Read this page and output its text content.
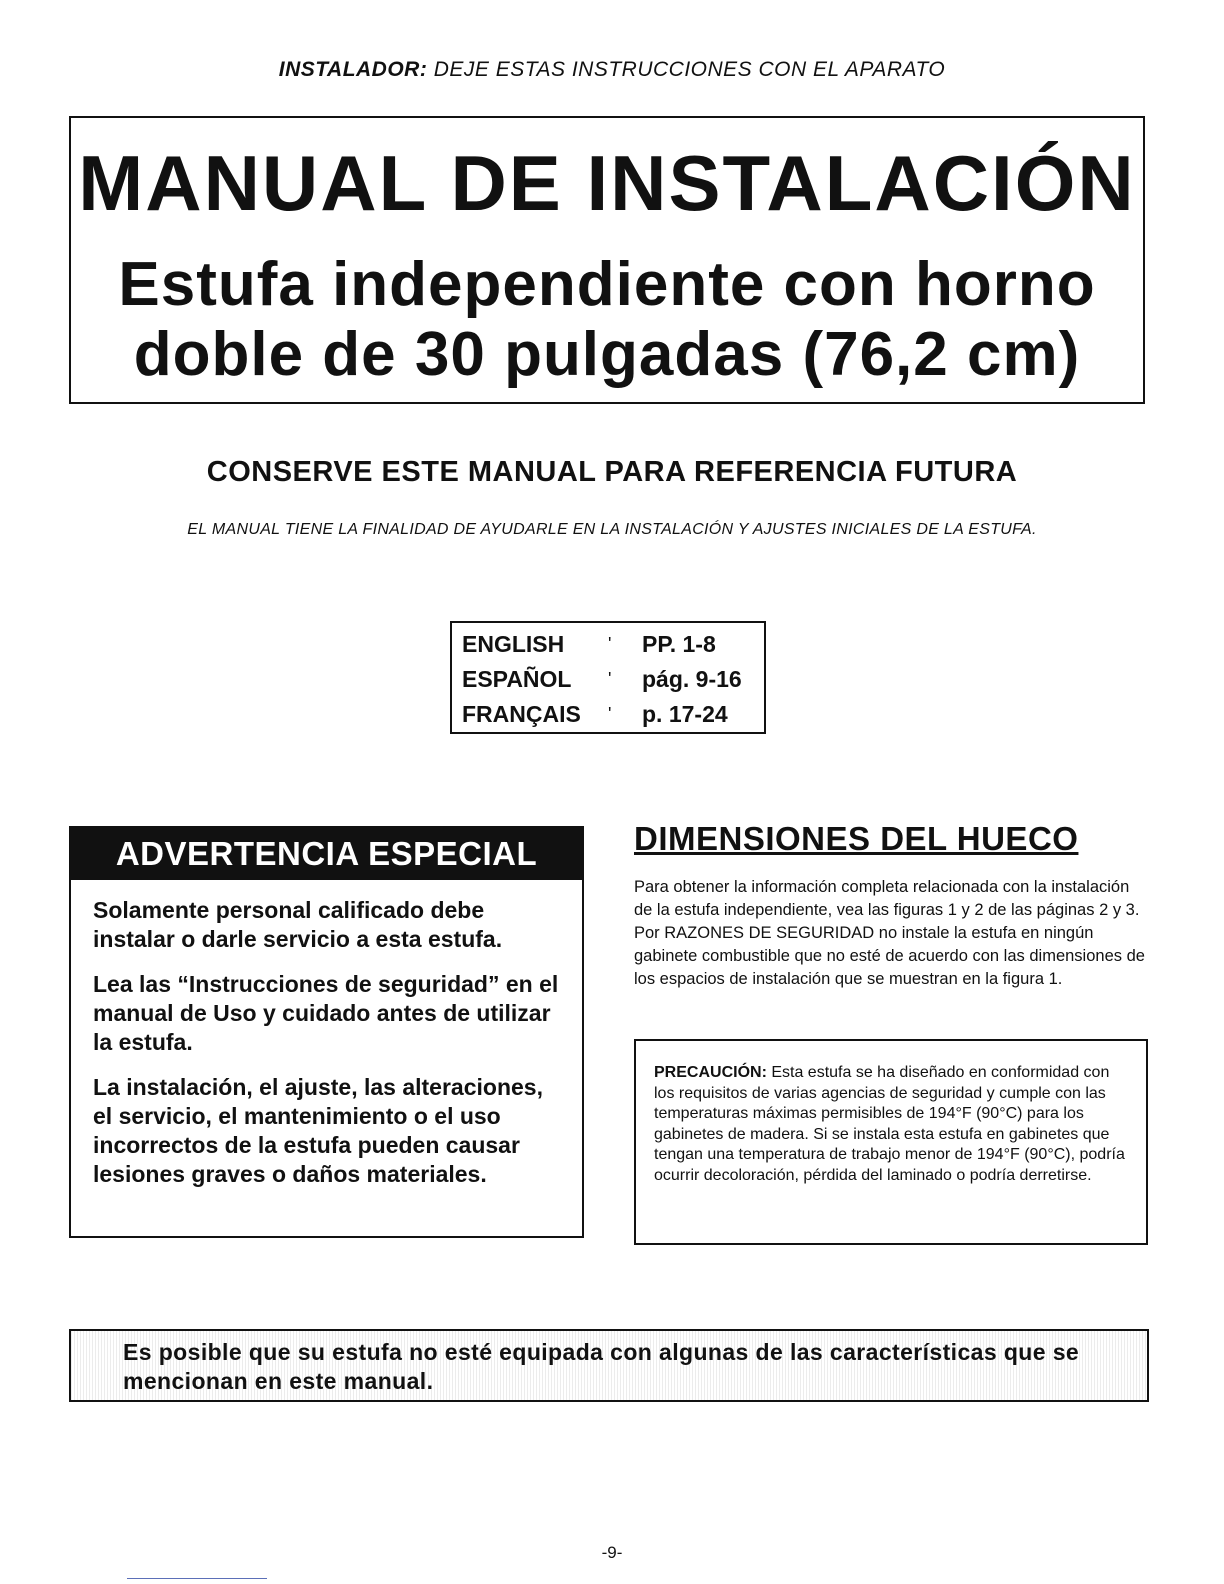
INSTALADOR: DEJE ESTAS INSTRUCCIONES CON EL APARATO
MANUAL DE INSTALACIÓN
Estufa independiente con horno
doble de 30 pulgadas (76,2 cm)
CONSERVE ESTE MANUAL PARA REFERENCIA FUTURA
EL MANUAL TIENE LA FINALIDAD DE AYUDARLE EN LA INSTALACIÓN Y AJUSTES INICIALES DE LA ESTUFA.
ENGLISH	'	PP. 1-8
ESPAÑOL	'	pág. 9-16
FRANÇAIS	'	p. 17-24
ADVERTENCIA ESPECIAL

Solamente personal calificado debe instalar o darle servicio a esta estufa.

Lea las “Instrucciones de seguridad” en el manual de Uso y cuidado antes de utilizar la estufa.

La instalación, el ajuste, las alteraciones, el servicio, el mantenimiento o el uso incorrectos de la estufa pueden causar lesiones graves o daños materiales.

DIMENSIONES DEL HUECO
Para obtener la información completa relacionada con la instalación de la estufa independiente, vea las figuras 1 y 2 de las páginas 2 y 3. Por RAZONES DE SEGURIDAD no instale la estufa en ningún gabinete combustible que no esté de acuerdo con las dimensiones de los espacios de instalación que se muestran en la figura 1.
PRECAUCIÓN: Esta estufa se ha diseñado en conformidad con los requisitos de varias agencias de seguridad y cumple con las temperaturas máximas permisibles de 194°F (90°C) para los gabinetes de madera. Si se instala esta estufa en gabinetes que tengan una temperatura de trabajo menor de 194°F (90°C), podría ocurrir decoloración, pérdida del laminado o podría derretirse.
Es posible que su estufa no esté equipada con algunas de las características que se mencionan en este manual.
-9-
